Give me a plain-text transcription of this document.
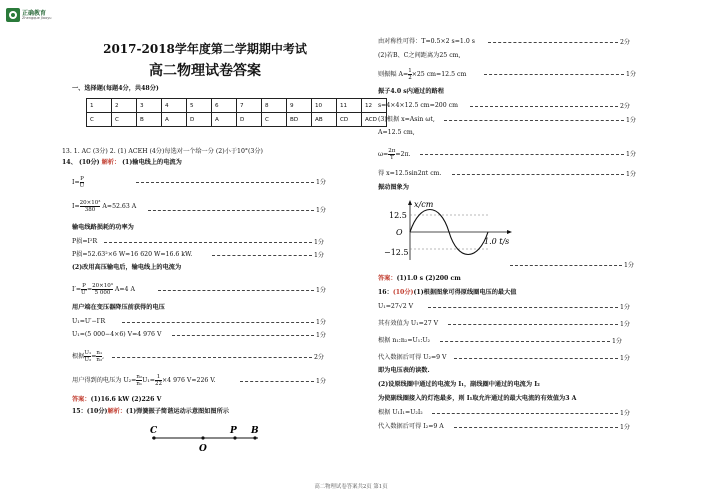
正确教育
Zhengque Jiaoyu
2017-2018学年度第二学期期中考试
高二物理试卷答案
一、选择题(每题4分，共48分)
1	2	3	4	5	6	7	8	9	10	11	12
C	C	B	A	D	A	D	C	BD	AB	CD	ACD
13. 1. AC (3分) 2. (1) ACEH (4分)每选对一个给一分 (2)小于10°(3分)
14、 (10分) 解析： (1)输电线上的电流为
$I= \frac{P}{U}$	1分
$I= \frac{\text{20×10³}}{380} A\approx 52.63$ A
1分
输电线路损耗的功率为
P损=I²R	1分
P损=52.63²×6 W≈16 620 W=16.6 kW.	1分
(2)改用高压输电后，输电线上的电流为
$I'= \frac{P}{U'} = \frac{\text{20×10³}}{5 000} A=4$ A	1分
用户端在变压器降压前获得的电压
U₁=U′−I′R	1分
U₁=(5 000−4×6) V=4 976 V	1分
根据 $\frac{\text{U₁}}{\text{U₂}} = \frac{\text{n₁}}{\text{n₂}}$ ,	2分
用户得到的电压为 $U_2= \frac{\text{n₂}}{\text{n₁}} U_1= \frac{1}{22} \times 4$ 976 V≈226 V.	1分
答案：(1)16.6 kW (2)226 V
15：(10分)解析：(1)弹簧振子简谐运动示意图如图所示
C
O
P B
由对称性可得：T=0.5×2 s=1.0 s	2分
(2)若B、C之间距离为25 cm,
则振幅 $A= \frac{1}{2} \times 25$ cm=12.5 cm	1分
振子4.0 s内通过的路程
s=4×4×12.5 cm=200 cm	2分
(3)根据 x=Asin ωt,	1分
A=12.5 cm,
$\omega= \frac{2\pi}{T} =2\pi$.	1分
得 x=12.5sin2πt cm.	1分
振动图象为
x/cm
12.5
O
−12.5
1.0 t/s
1分
答案：(1)1.0 s (2)200 cm
16：(10分)(1)根据图象可得原线圈电压的最大值
U₁=27√2 V	1分
其有效值为 U₁=27 V	1分
根据 n₁:n₂=U₁:U₂	1分
代入数据后可得 U₂=9 V	1分
即为电压表的读数.
(2)设原线圈中通过的电流为 I₁，副线圈中通过的电流为 I₂
为使副线圈接入的灯泡最多，则 I₁取允许通过的最大电流的有效值为3 A
根据 U₁I₁=U₂I₂	1分
代入数据后可得 I₂=9 A	1分
高二物理试卷答案共2页 第1页
